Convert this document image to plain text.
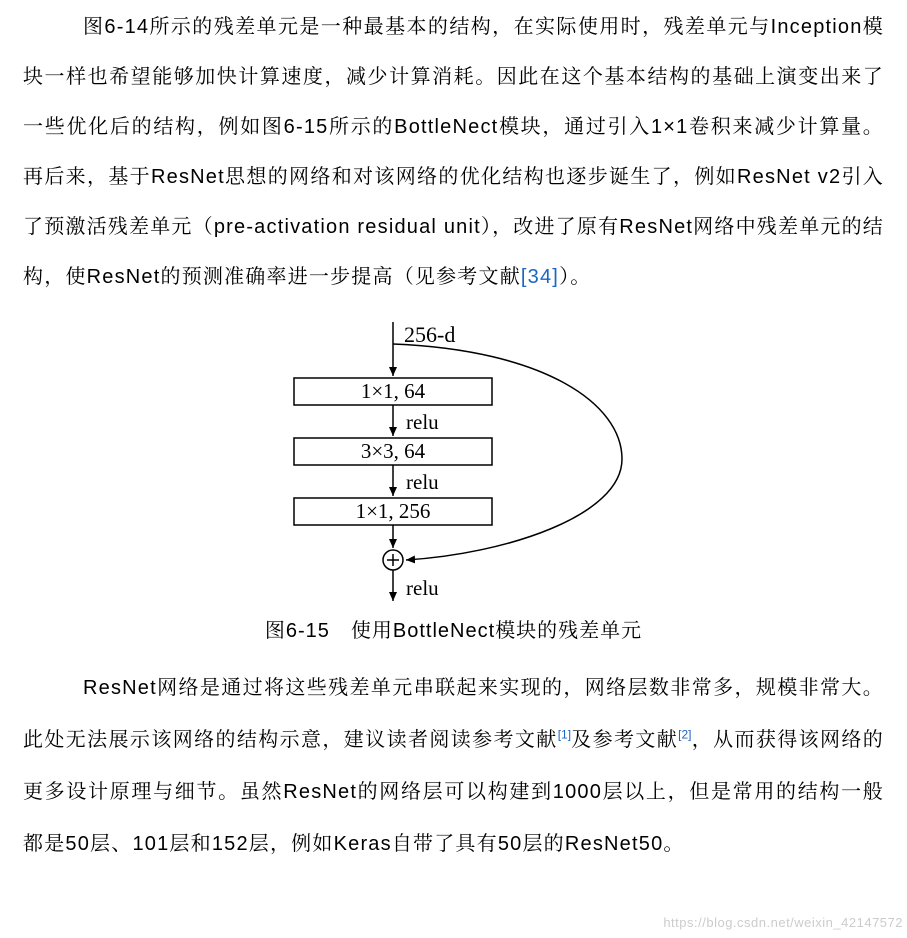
图6-14所示的残差单元是一种最基本的结构，在实际使用时，残差单元与Inception模块一样也希望能够加快计算速度，减少计算消耗。因此在这个基本结构的基础上演变出来了一些优化后的结构，例如图6-15所示的BottleNect模块，通过引入1×1卷积来减少计算量。再后来，基于ResNet思想的网络和对该网络的优化结构也逐步诞生了，例如ResNet v2引入了预激活残差单元（pre-activation residual unit），改进了原有ResNet网络中残差单元的结构，使ResNet的预测准确率进一步提高（见参考文献[34]）。

256-d
1×1, 64
relu
3×3, 64
relu
1×1, 256
relu
图6-15　使用BottleNect模块的残差单元

ResNet网络是通过将这些残差单元串联起来实现的，网络层数非常多，规模非常大。此处无法展示该网络的结构示意，建议读者阅读参考文献[1]及参考文献[2]，从而获得该网络的更多设计原理与细节。虽然ResNet的网络层可以构建到1000层以上，但是常用的结构一般都是50层、101层和152层，例如Keras自带了具有50层的ResNet50。

https://blog.csdn.net/weixin_42147572
